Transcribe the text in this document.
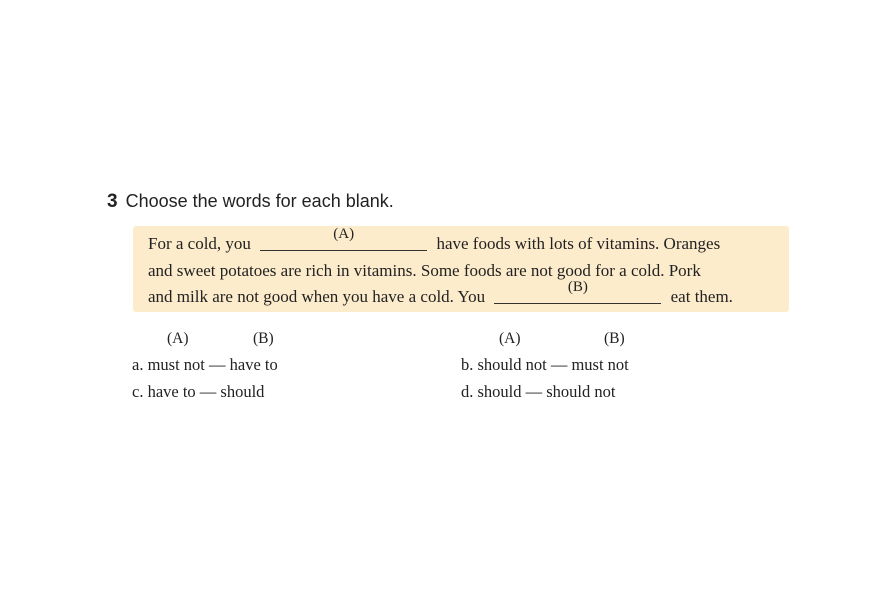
3 Choose the words for each blank.
For a cold, you	(A)	have foods with lots of vitamins. Oranges
and sweet potatoes are rich in vitamins. Some foods are not good for a cold. Pork
and milk are not good when you have a cold. You	(B)	eat them.
(A)	(B)	(A)	(B)
a. must not — have to	b. should not — must not
c. have to — should	d. should — should not
